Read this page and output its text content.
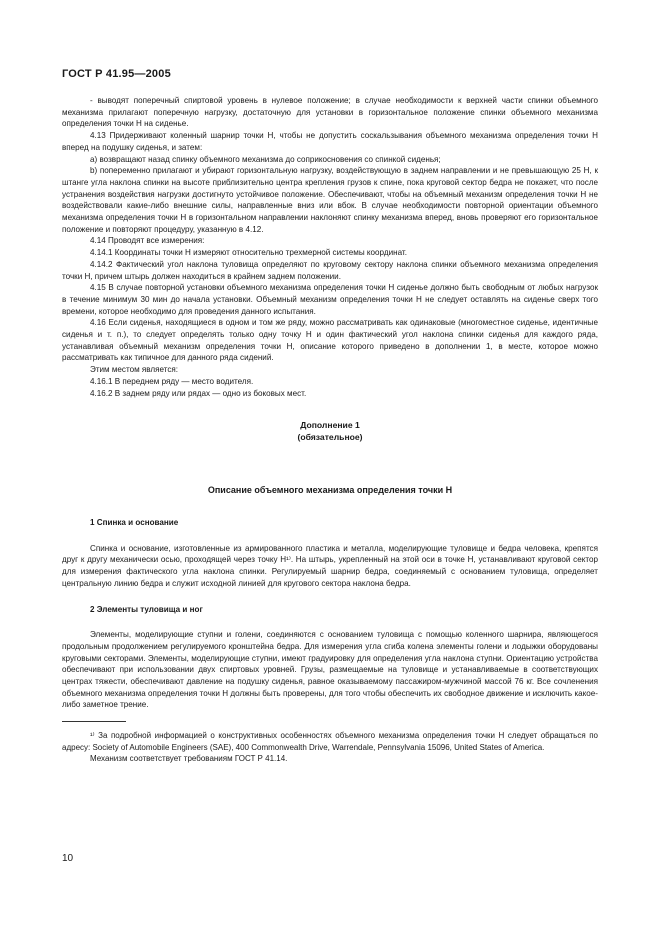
ГОСТ Р 41.95—2005

- выводят поперечный спиртовой уровень в нулевое положение; в случае необходимости к верхней части спинки объемного механизма прилагают поперечную нагрузку, достаточную для установки в горизонтальное положение спинки объемного механизма определения точки H на сиденье.

4.13 Придерживают коленный шарнир точки H, чтобы не допустить соскальзывания объемного механизма определения точки H вперед на подушку сиденья, и затем:

a) возвращают назад спинку объемного механизма до соприкосновения со спинкой сиденья;

b) попеременно прилагают и убирают горизонтальную нагрузку, воздействующую в заднем направлении и не превышающую 25 Н, к штанге угла наклона спинки на высоте приблизительно центра крепления грузов к спине, пока круговой сектор бедра не покажет, что после устранения воздействия нагрузки достигнуто устойчивое положение. Обеспечивают, чтобы на объемный механизм определения точки H не воздействовали какие-либо внешние силы, направленные вниз или вбок. В случае необходимости повторной ориентации объемного механизма определения точки H в горизонтальном направлении наклоняют спинку механизма вперед, вновь проверяют его горизонтальное положение и повторяют процедуру, указанную в 4.12.

4.14 Проводят все измерения:

4.14.1 Координаты точки H измеряют относительно трехмерной системы координат.

4.14.2 Фактический угол наклона туловища определяют по круговому сектору наклона спинки объемного механизма определения точки H, причем штырь должен находиться в крайнем заднем положении.

4.15 В случае повторной установки объемного механизма определения точки H сиденье должно быть свободным от любых нагрузок в течение минимум 30 мин до начала установки. Объемный механизм определения точки H не следует оставлять на сиденье сверх того времени, которое необходимо для проведения данного испытания.

4.16 Если сиденья, находящиеся в одном и том же ряду, можно рассматривать как одинаковые (многоместное сиденье, идентичные сиденья и т. п.), то следует определять только одну точку H и один фактический угол наклона спинки сиденья для каждого ряда, устанавливая объемный механизм определения точки H, описание которого приведено в дополнении 1, в месте, которое можно рассматривать как типичное для данного ряда сидений.

Этим местом является:

4.16.1 В переднем ряду — место водителя.

4.16.2 В заднем ряду или рядах — одно из боковых мест.

Дополнение 1

(обязательное)

Описание объемного механизма определения точки H

1 Спинка и основание

Спинка и основание, изготовленные из армированного пластика и металла, моделирующие туловище и бедра человека, крепятся друг к другу механически осью, проходящей через точку H¹⁾. На штырь, укрепленный на этой оси в точке H, устанавливают круговой сектор для измерения фактического угла наклона спинки. Регулируемый шарнир бедра, соединяемый с основанием туловища, определяет центральную линию бедра и служит исходной линией для кругового сектора наклона бедра.

2 Элементы туловища и ног

Элементы, моделирующие ступни и голени, соединяются с основанием туловища с помощью коленного шарнира, являющегося продольным продолжением регулируемого кронштейна бедра. Для измерения угла сгиба колена элементы голени и лодыжки оборудованы круговыми секторами. Элементы, моделирующие ступни, имеют градуировку для определения угла наклона ступни. Ориентацию устройства обеспечивают при использовании двух спиртовых уровней. Грузы, размещаемые на туловище и устанавливаемые в соответствующих центрах тяжести, обеспечивают давление на подушку сиденья, равное оказываемому пассажиром-мужчиной массой 76 кг. Все сочленения объемного механизма определения точки H должны быть проверены, для того чтобы обеспечить их свободное движение и исключить какое-либо заметное трение.

¹⁾ За подробной информацией о конструктивных особенностях объемного механизма определения точки H следует обращаться по адресу: Society of Automobile Engineers (SAE), 400 Commonwealth Drive, Warrendale, Pennsylvania 15096, United States of America.

Механизм соответствует требованиям ГОСТ Р 41.14.

10
